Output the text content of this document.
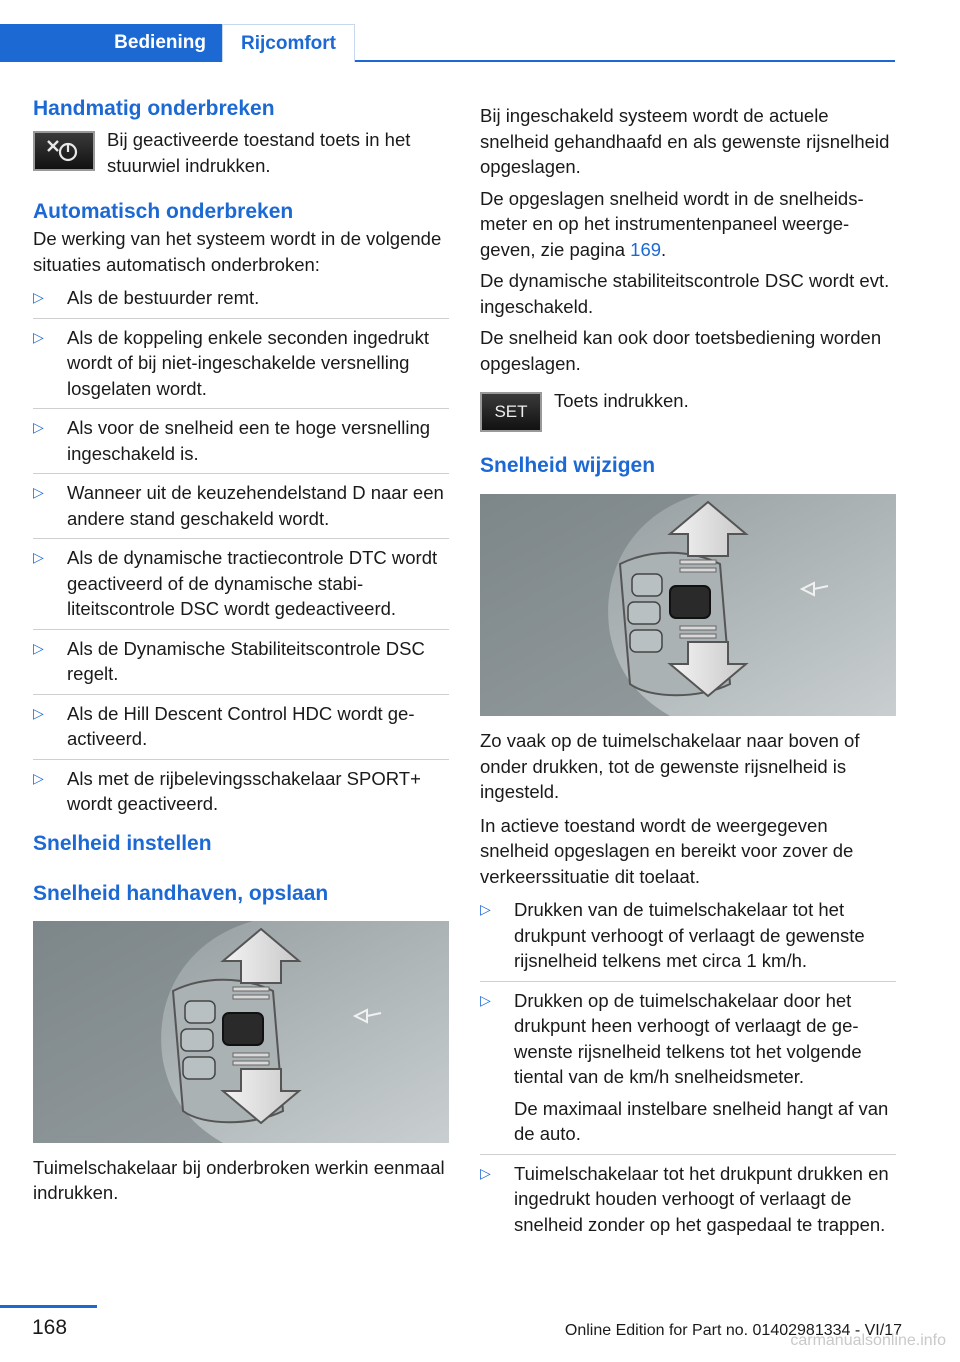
Bediening	Rijcomfort
Handmatig onderbreken

Bij geactiveerde toestand toets in het stuurwiel indrukken.

Automatisch onderbreken

De werking van het systeem wordt in de volgende situaties automatisch onderbroken:

▷ Als de bestuurder remt.
▷ Als de koppeling enkele seconden ingedrukt wordt of bij niet-ingeschakelde versnelling losgelaten wordt.
▷ Als voor de snelheid een te hoge versnelling ingeschakeld is.
▷ Wanneer uit de keuzehendelstand D naar een andere stand geschakeld wordt.
▷ Als de dynamische tractiecontrole DTC wordt geactiveerd of de dynamische stabiliteitscontrole DSC wordt gedeactiveerd.
▷ Als de Dynamische Stabiliteitscontrole DSC regelt.
▷ Als de Hill Descent Control HDC wordt geactiveerd.
▷ Als met de rijbelevingsschakelaar SPORT+ wordt geactiveerd.
Snelheid instellen
Snelheid handhaven, opslaan

Tuimelschakelaar bij onderbroken werkin eenmaal indrukken.

Bij ingeschakeld systeem wordt de actuele snelheid gehandhaafd en als gewenste rijsnelheid opgeslagen.

De opgeslagen snelheid wordt in de snelheidsmeter en op het instrumentenpaneel weergegeven, zie pagina 169.

De dynamische stabiliteitscontrole DSC wordt evt. ingeschakeld.

De snelheid kan ook door toetsbediening worden opgeslagen.

SET

Toets indrukken.

Snelheid wijzigen

Zo vaak op de tuimelschakelaar naar boven of onder drukken, tot de gewenste rijsnelheid is ingesteld.

In actieve toestand wordt de weergegeven snelheid opgeslagen en bereikt voor zover de verkeerssituatie dit toelaat.

▷ Drukken van de tuimelschakelaar tot het drukpunt verhoogt of verlaagt de gewenste rijsnelheid telkens met circa 1 km/h.
▷ Drukken op de tuimelschakelaar door het drukpunt heen verhoogt of verlaagt de gewenste rijsnelheid telkens tot het volgende tiental van de km/h snelheidsmeter.

De maximaal instelbare snelheid hangt af van de auto.

▷ Tuimelschakelaar tot het drukpunt drukken en ingedrukt houden verhoogt of verlaagt de snelheid zonder op het gaspedaal te trappen.
168	Online Edition for Part no. 01402981334 - VI/17
carmanualsonline.info
